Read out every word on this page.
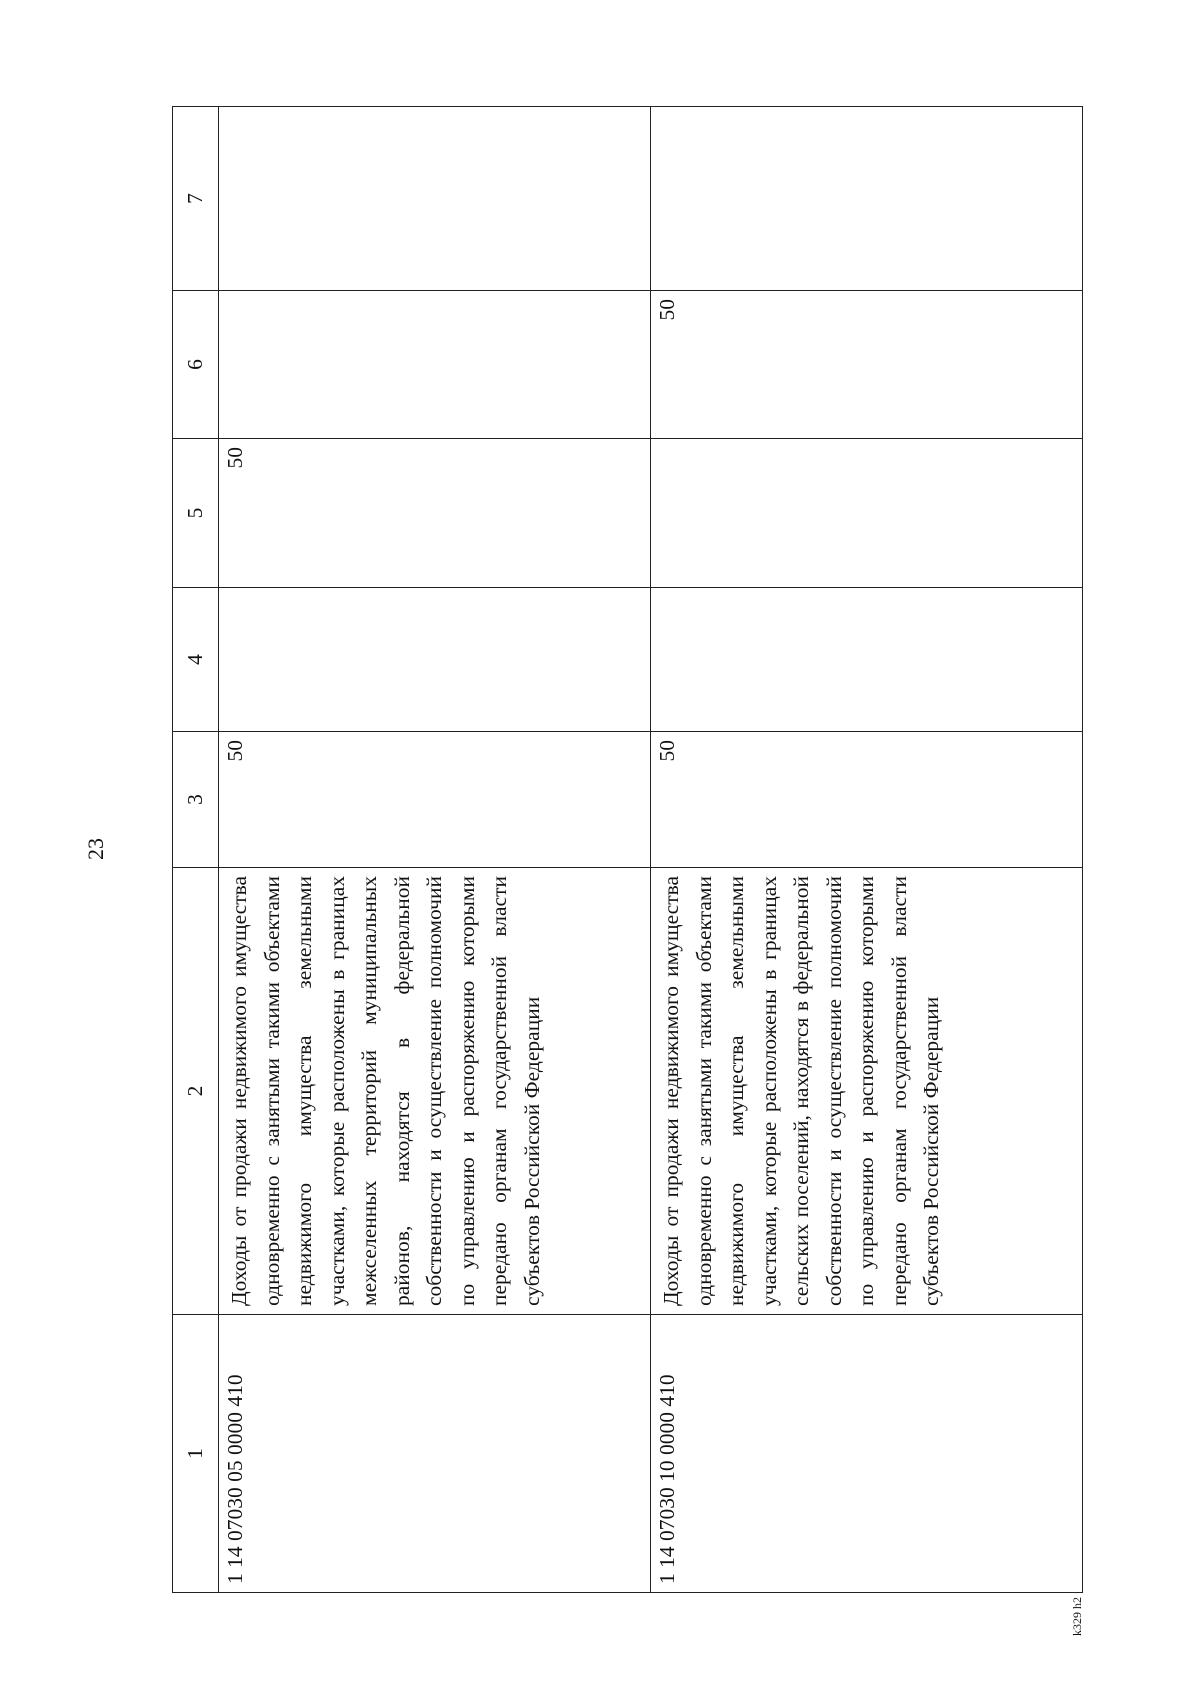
23
1	2	3	4	5	6	7
1 14 07030 05 0000 410	Доходы от продажи недвижимого имущества одновременно с занятыми такими объектами недвижимого имущества земельными участками, которые расположены в границах межселенных территорий муниципальных районов, находятся в федеральной собственности и осуществление полномочий по управлению и распоряжению которыми передано органам государственной власти субъектов Российской Федерации	50		50		
1 14 07030 10 0000 410	Доходы от продажи недвижимого имущества одновременно с занятыми такими объектами недвижимого имущества земельными участками, которые расположены в границах сельских поселений, находятся в федеральной собственности и осуществление полномочий по управлению и распоряжению которыми передано органам государственной власти субъектов Российской Федерации	50			50	
k329 h2
